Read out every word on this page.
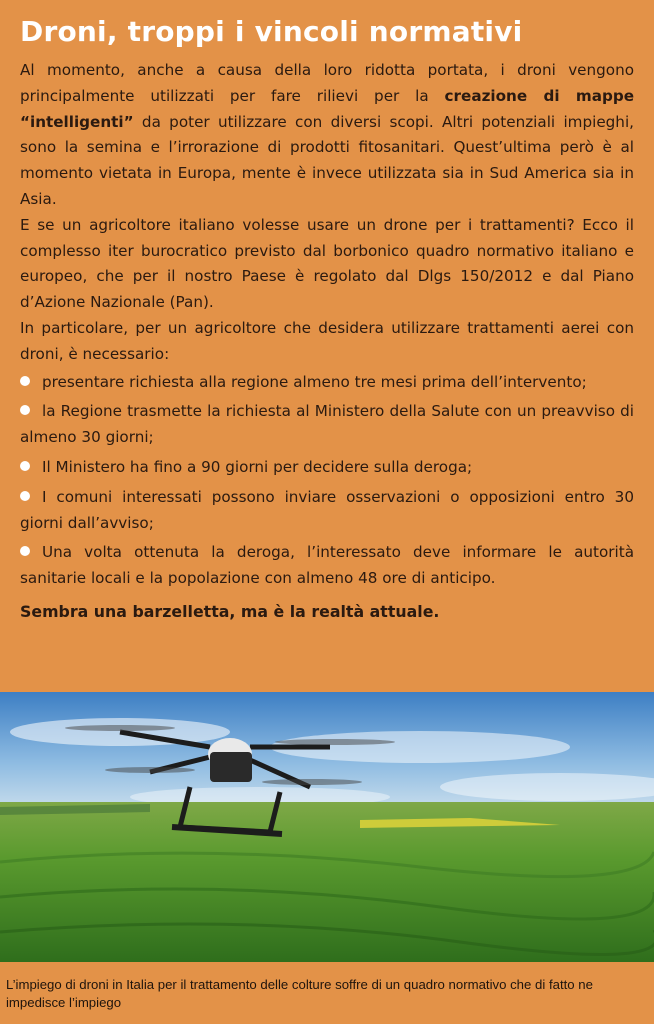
Droni, troppi i vincoli normativi

Al momento, anche a causa della loro ridotta portata, i droni vengono principalmente utilizzati per fare rilievi per la creazione di mappe “intelligenti” da poter utilizzare con diversi scopi. Altri potenziali impieghi, sono la semina e l’irrorazione di prodotti fitosanitari. Quest’ultima però è al momento vietata in Europa, mente è invece utilizzata sia in Sud America sia in Asia.

E se un agricoltore italiano volesse usare un drone per i trattamenti? Ecco il complesso iter burocratico previsto dal borbonico quadro normativo italiano e europeo, che per il nostro Paese è regolato dal Dlgs 150/2012 e dal Piano d’Azione Nazionale (Pan).

In particolare, per un agricoltore che desidera utilizzare trattamenti aerei con droni, è necessario:

presentare richiesta alla regione almeno tre mesi prima dell’intervento;
la Regione trasmette la richiesta al Ministero della Salute con un preavviso di almeno 30 giorni;
Il Ministero ha fino a 90 giorni per decidere sulla deroga;
I comuni interessati possono inviare osservazioni o opposizioni entro 30 giorni dall’avviso;
Una volta ottenuta la deroga, l’interessato deve informare le autorità sanitarie locali e la popolazione con almeno 48 ore di anticipo.

Sembra una barzelletta, ma è la realtà attuale.

L’impiego di droni in Italia per il trattamento delle colture soffre di un quadro normativo che di fatto ne impedisce l’impiego
